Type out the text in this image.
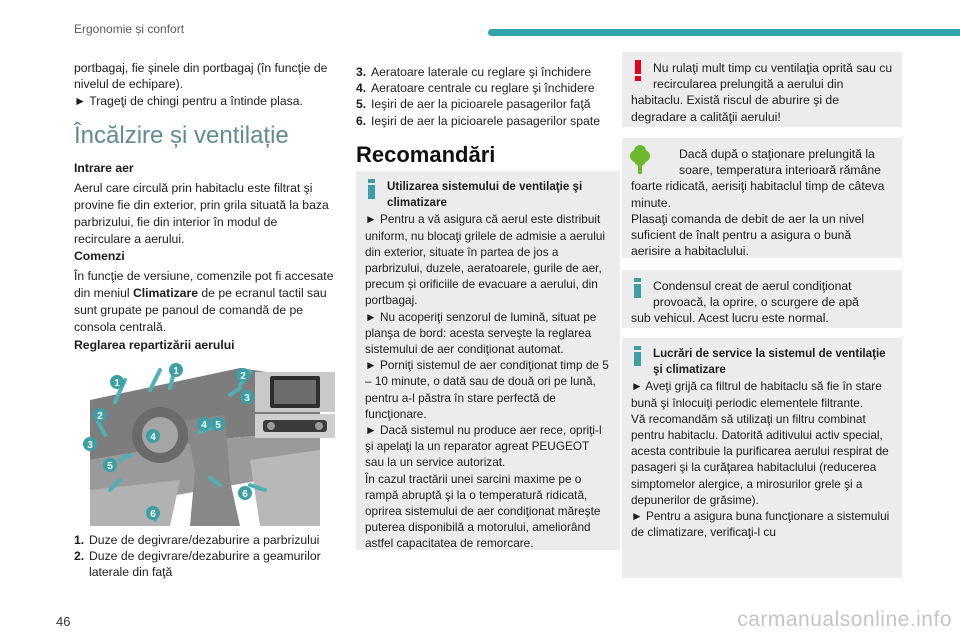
Ergonomie și confort

portbagaj, fie şinele din portbagaj (în funcţie de nivelul de echipare).

► Trageţi de chingi pentru a întinde plasa.

Încălzire și ventilație

Intrare aer

Aerul care circulă prin habitaclu este filtrat şi provine fie din exterior, prin grila situată la baza parbrizului, fie din interior în modul de recirculare a aerului.

Comenzi

În funcţie de versiune, comenzile pot fi accesate din meniul Climatizare de pe ecranul tactil sau sunt grupate pe panoul de comandă de pe consola centrală.

Reglarea repartizării aerului

1. Duze de degivrare/dezaburire a parbrizului
2. Duze de degivrare/dezaburire a geamurilor laterale din faţă
1
1	2
2
3
3
4
4
5
5
6
6
3. Aeratoare laterale cu reglare şi închidere
4. Aeratoare centrale cu reglare şi închidere
5. Ieşiri de aer la picioarele pasagerilor faţă
6. Ieşiri de aer la picioarele pasagerilor spate
Recomandări

Utilizarea sistemului de ventilaţie şi climatizare

► Pentru a vă asigura că aerul este distribuit uniform, nu blocaţi grilele de admisie a aerului din exterior, situate în partea de jos a parbrizului, duzele, aeratoarele, gurile de aer, precum și orificiile de evacuare a aerului, din portbagaj.
► Nu acoperiţi senzorul de lumină, situat pe planşa de bord: acesta serveşte la reglarea sistemului de aer condiţionat automat.
► Porniţi sistemul de aer condiţionat timp de 5 – 10 minute, o dată sau de două ori pe lună, pentru a-l păstra în stare perfectă de funcţionare.
► Dacă sistemul nu produce aer rece, opriţi-l şi apelaţi la un reparator agreat PEUGEOT sau la un service autorizat.
În cazul tractării unei sarcini maxime pe o rampă abruptă şi la o temperatură ridicată, oprirea sistemului de aer condiţionat măreşte puterea disponibilă a motorului, ameliorând astfel capacitatea de remorcare.

Nu rulaţi mult timp cu ventilaţia oprită sau cu recircularea prelungită a aerului din

habitaclu. Există riscul de aburire şi de degradare a calităţii aerului!

Dacă după o staţionare prelungită la soare, temperatura interioară rămâne

foarte ridicată, aerisiţi habitaclul timp de câteva minute.
Plasaţi comanda de debit de aer la un nivel suficient de înalt pentru a asigura o bună aerisire a habitaclului.

Condensul creat de aerul condiţionat provoacă, la oprire, o scurgere de apă

sub vehicul. Acest lucru este normal.

Lucrări de service la sistemul de ventilaţie şi climatizare

► Aveţi grijă ca filtrul de habitaclu să fie în stare bună şi înlocuiţi periodic elementele filtrante.
Vă recomandăm să utilizaţi un filtru combinat pentru habitaclu. Datorită aditivului activ special, acesta contribuie la purificarea aerului respirat de pasageri şi la curăţarea habitaclului (reducerea simptomelor alergice, a mirosurilor grele şi a depunerilor de grăsime).
► Pentru a asigura buna funcţionare a sistemului de climatizare, verificaţi-l cu

46	carmanualsonline.info
